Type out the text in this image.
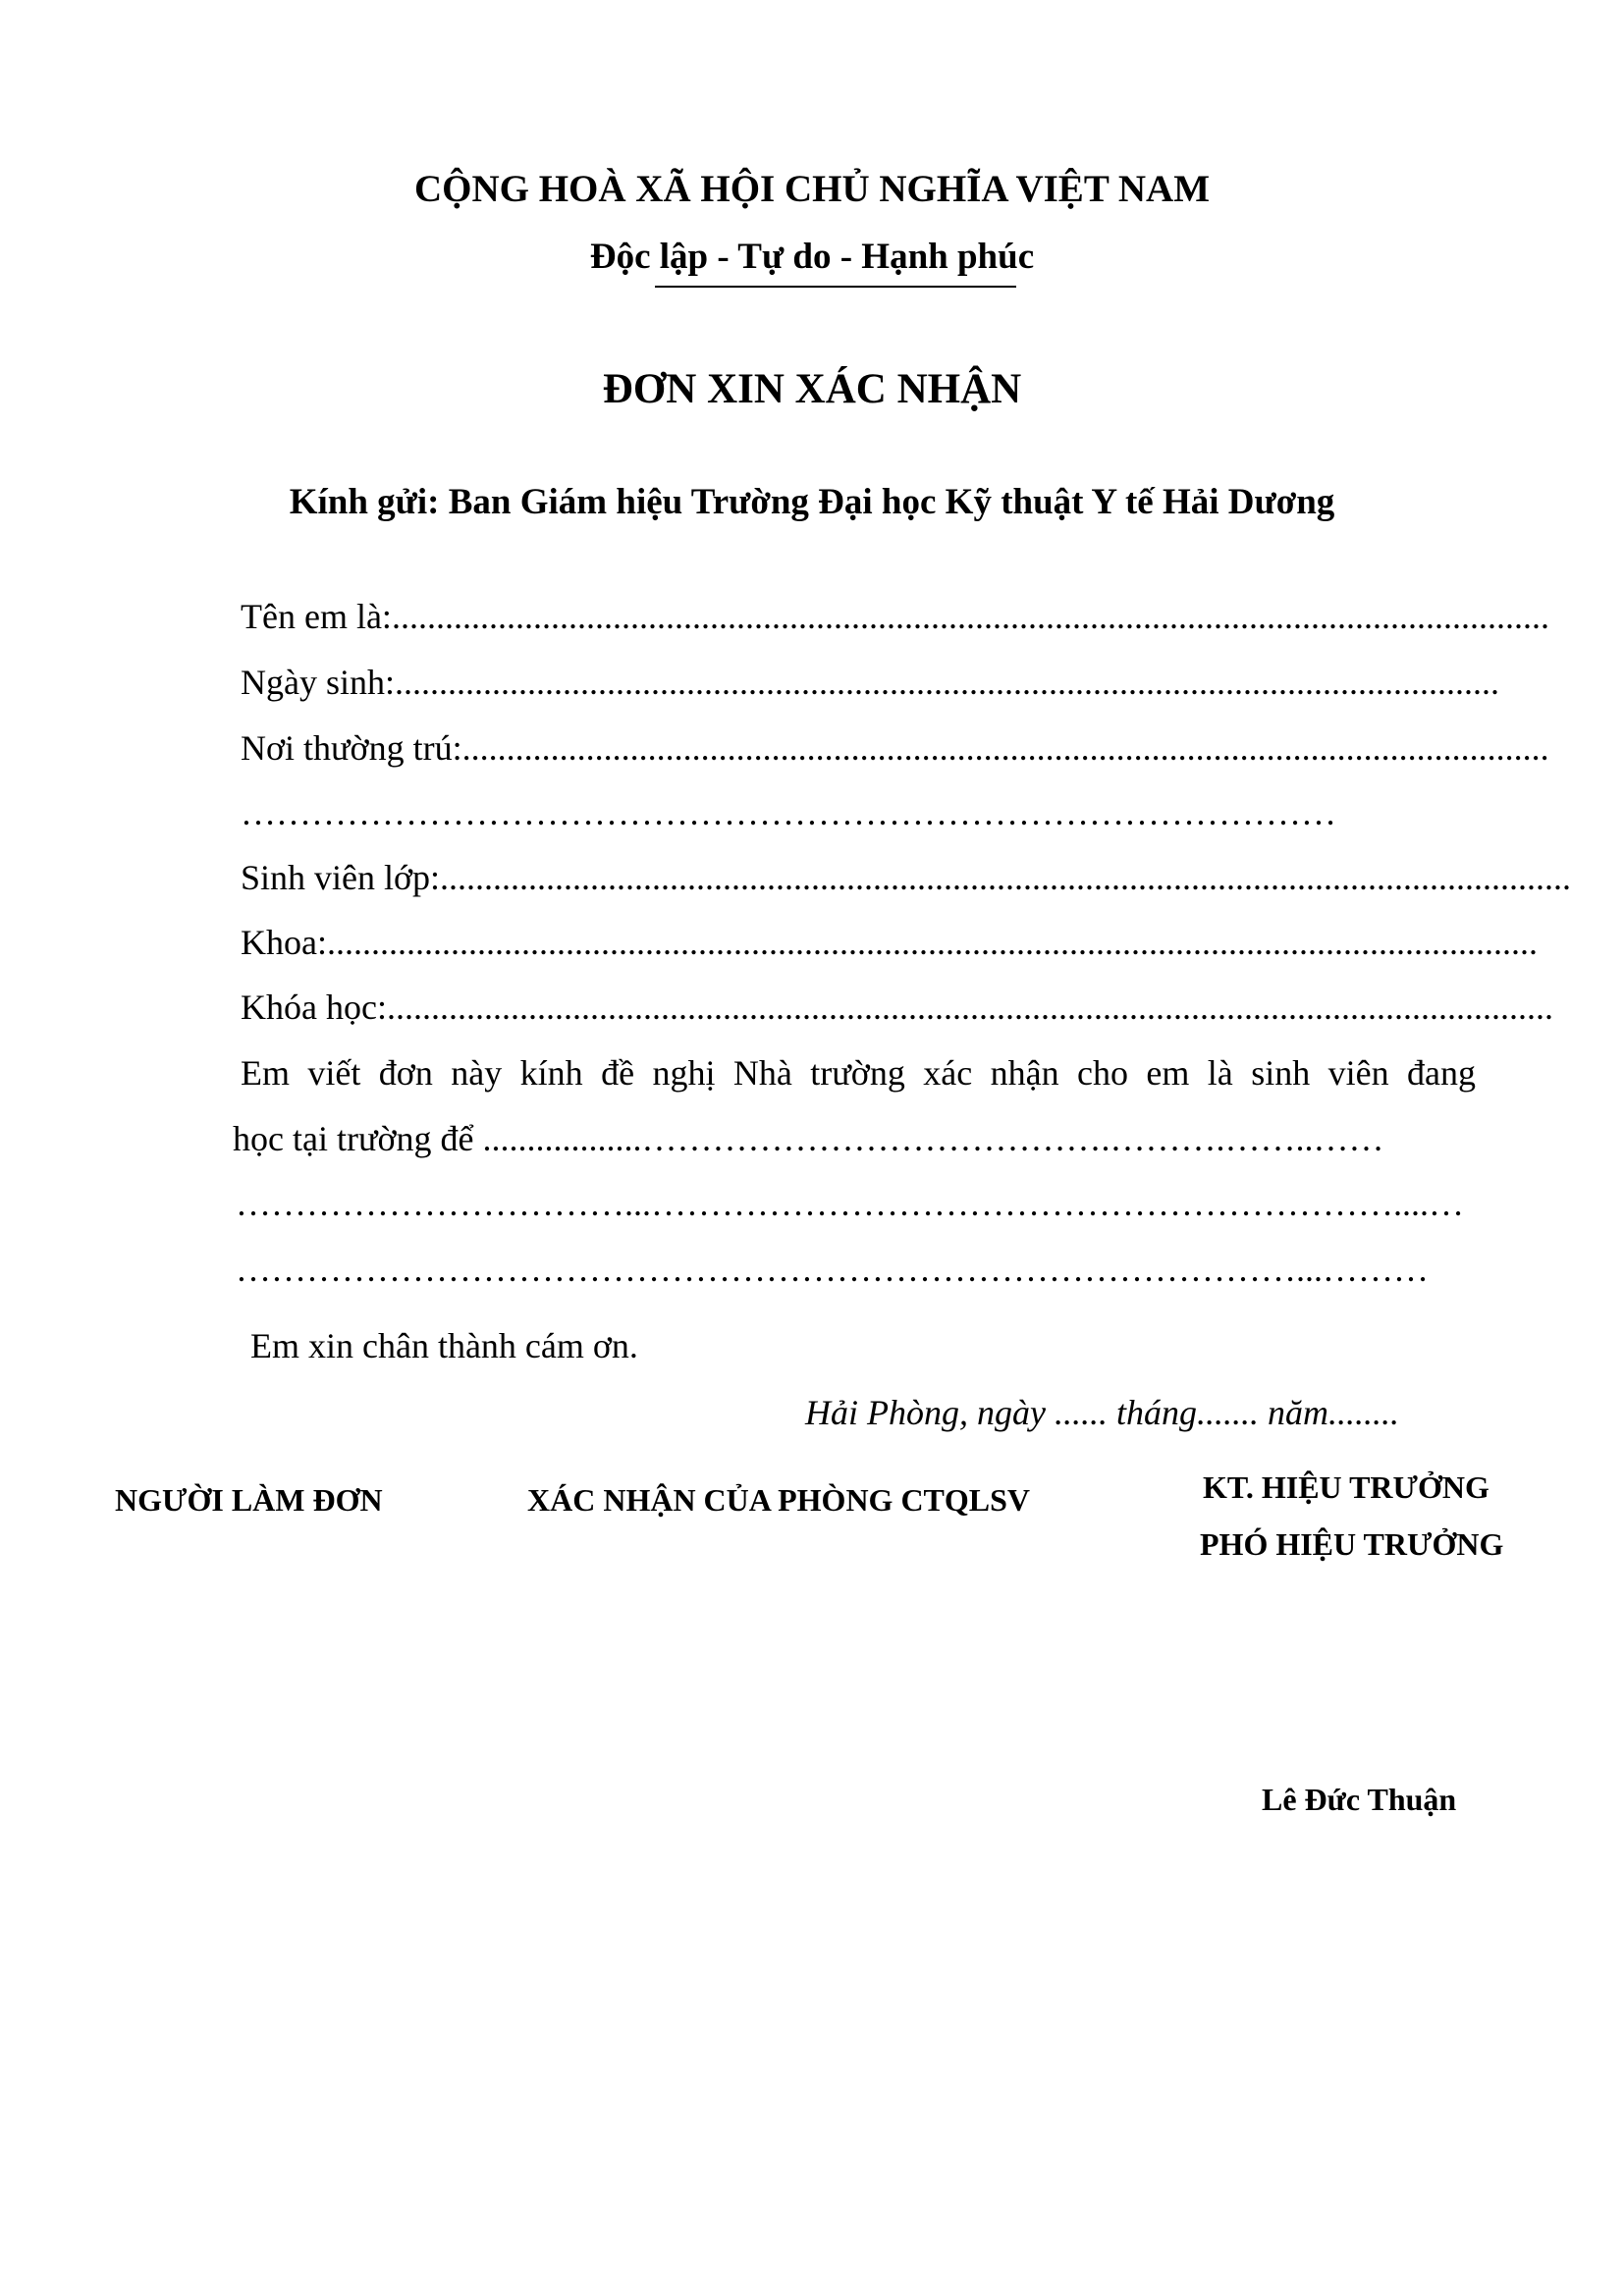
CỘNG HOÀ XÃ HỘI CHỦ NGHĨA VIỆT NAM
Độc lập - Tự do - Hạnh phúc
ĐƠN XIN XÁC NHẬN
Kính gửi: Ban Giám hiệu Trường Đại học Kỹ thuật Y tế Hải Dương
Tên em là:...................................................................................................................................
Ngày sinh:.............................................................................................................................
Nơi thường trú:...........................................................................................................................
…………………………………………………………………………………
Sinh viên lớp:................................................................................................................................
Khoa:.........................................................................................................................................
Khóa học:....................................................................................................................................
Em viết đơn này kính đề nghị Nhà trường xác nhận cho em là sinh viên đang
học tại trường để ..................………………………………….……….……..……
……………………………...………………………………………………………....…
………………………………………………………………………………...………
Em xin chân thành cám ơn.
Hải Phòng, ngày ...... tháng....... năm........
NGƯỜI LÀM ĐƠN	XÁC NHẬN CỦA PHÒNG CTQLSV	KT. HIỆU TRƯỞNG
PHÓ HIỆU TRƯỞNG
Lê Đức Thuận
